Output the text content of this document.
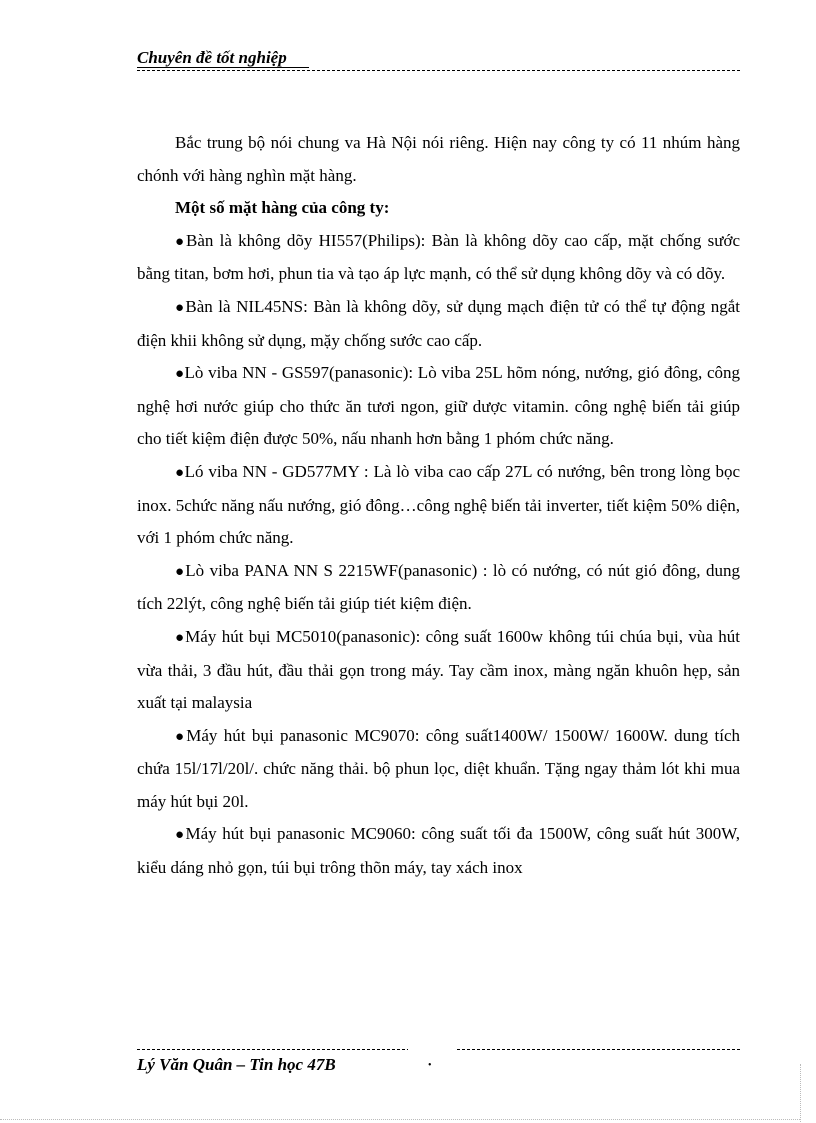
Chuyên đề tốt nghiệp

Bắc trung bộ nói chung va Hà Nội nói riêng. Hiện nay công ty có 11 nhúm hàng chónh với hàng nghìn mặt hàng.

Một số mặt hàng của công ty:

●Bàn là không dõy HI557(Philips): Bàn là không dõy cao cấp, mặt chống sước bằng titan, bơm hơi, phun tia và tạo áp lực mạnh, có thể sử dụng không dõy và có dõy.

●Bàn là NIL45NS: Bàn là không dõy, sử dụng mạch điện tử có thể tự động ngắt điện khii không sử dụng, mặy chống sước cao cấp.

●Lò viba NN - GS597(panasonic): Lò viba 25L hõm nóng, nướng, gió đông, công nghệ hơi nước giúp cho thức ăn tươi ngon, giữ dược vitamin. công nghệ biến tải giúp cho tiết kiệm điện được 50%, nấu nhanh hơn bằng 1 phóm chức năng.

●Ló viba NN - GD577MY : Là lò viba cao cấp 27L có nướng, bên trong lòng bọc inox. 5chức năng nấu nướng, gió đông…công nghệ biến tải inverter, tiết kiệm 50% diện, với 1 phóm chức năng.

●Lò viba PANA NN S 2215WF(panasonic) : lò có nướng, có nút gió đông, dung tích 22lýt, công nghệ biến tải giúp tiét kiệm điện.

●Máy hút bụi MC5010(panasonic): công suất 1600w không túi chúa bụi, vùa hút vừa thải, 3 đầu hút, đầu thải gọn trong máy. Tay cầm inox, màng ngăn khuôn hẹp, sản xuất tại malaysia

●Máy hút bụi panasonic MC9070: công suất1400W/ 1500W/ 1600W. dung tích chứa 15l/17l/20l/. chức năng thải. bộ phun lọc, diệt khuẩn. Tặng ngay thảm lót khi mua máy hút bụi 20l.

●Máy hút bụi panasonic MC9060: công suất tối đa 1500W, công suất hút 300W, kiểu dáng nhỏ gọn, túi bụi trông thõn máy, tay xách inox

Lý Văn Quân – Tin học 47B	•
